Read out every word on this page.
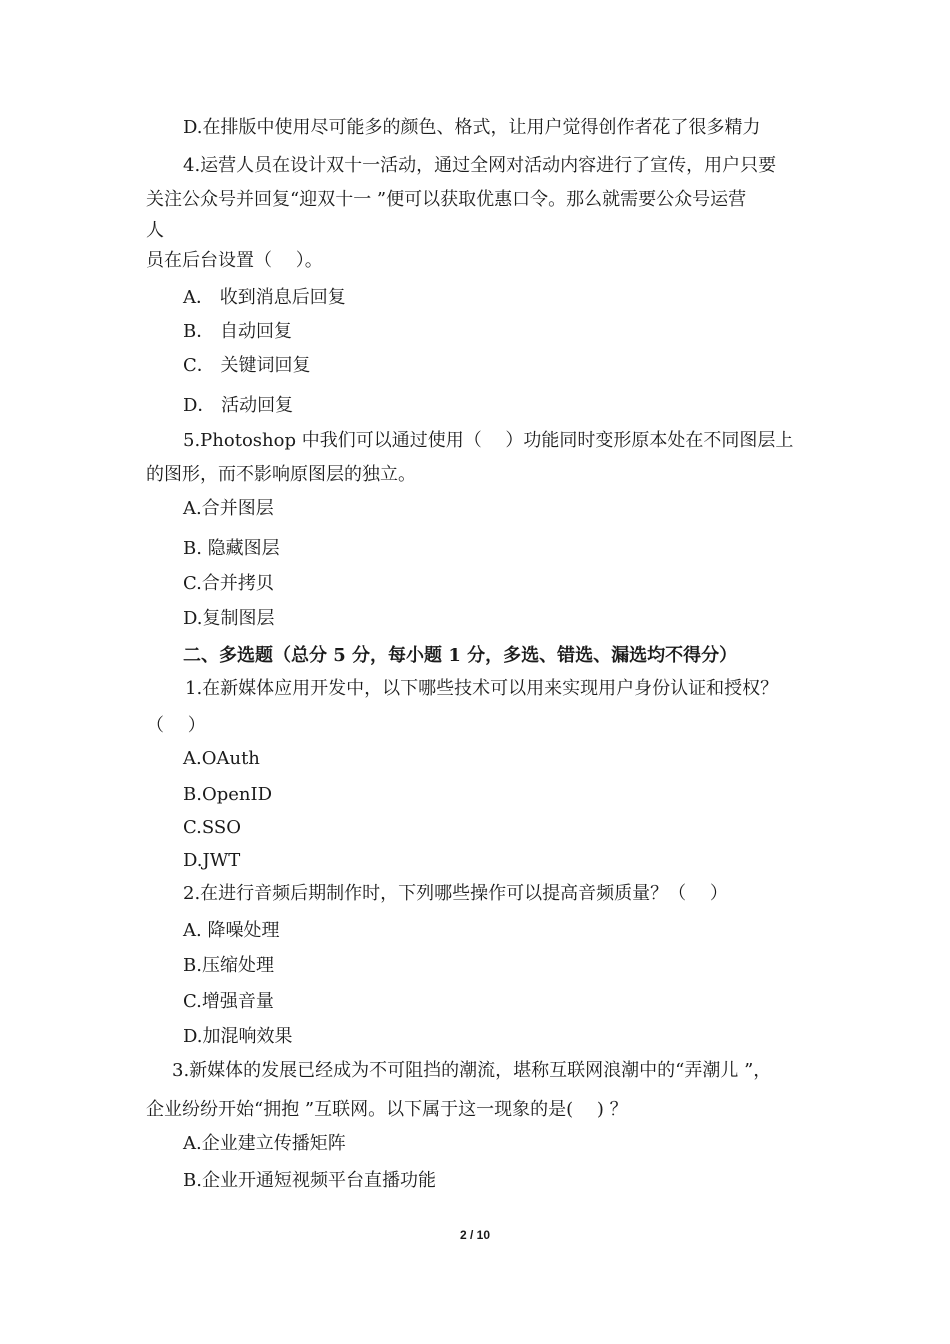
D.在排版中使用尽可能多的颜色、格式，让用户觉得创作者花了很多精力
4.运营人员在设计双十一活动，通过全网对活动内容进行了宣传，用户只要
关注公众号并回复“迎双十一 ”便可以获取优惠口令。那么就需要公众号运营
人
员在后台设置（　 ）。
A． 收到消息后回复
B． 自动回复
C． 关键词回复
D． 活动回复
5.Photoshop 中我们可以通过使用（　 ）功能同时变形原本处在不同图层上
的图形，而不影响原图层的独立。
A.合并图层
B. 隐藏图层
C.合并拷贝
D.复制图层
二、多选题（总分 5 分，每小题 1 分，多选、错选、漏选均不得分）
1.在新媒体应用开发中，以下哪些技术可以用来实现用户身份认证和授权？
（　 ）
A.OAuth
B.OpenID
C.SSO
D.JWT
2.在进行音频后期制作时，下列哪些操作可以提高音频质量？（　 ）
A. 降噪处理
B.压缩处理
C.增强音量
D.加混响效果
3.新媒体的发展已经成为不可阻挡的潮流，堪称互联网浪潮中的“弄潮儿 ”，
企业纷纷开始“拥抱 ”互联网。以下属于这一现象的是(　 ) ？
A.企业建立传播矩阵
B.企业开通短视频平台直播功能
2 / 10
